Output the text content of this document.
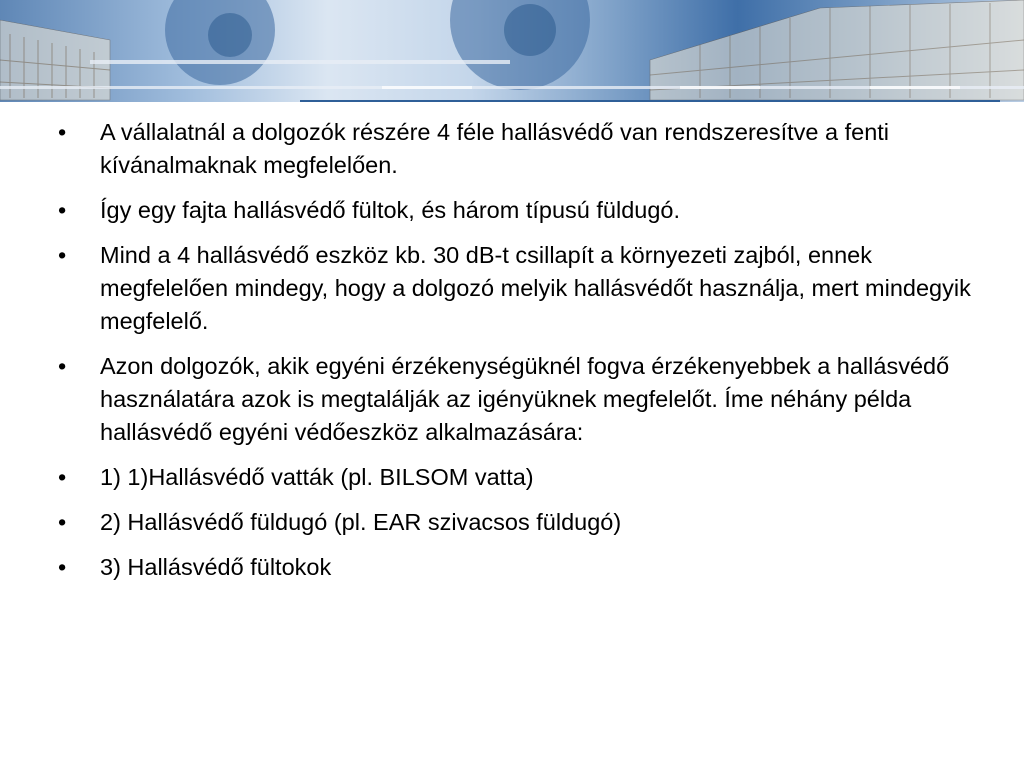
• A vállalatnál a dolgozók részére 4 féle hallásvédő van rendszeresítve a fenti kívánalmaknak megfelelően.
• Így egy fajta hallásvédő fültok, és három típusú füldugó.
• Mind a 4 hallásvédő eszköz kb. 30 dB-t csillapít a környezeti zajból, ennek megfelelően mindegy, hogy a dolgozó melyik hallásvédőt használja, mert mindegyik megfelelő.
• Azon dolgozók, akik egyéni érzékenységüknél fogva érzékenyebbek a hallásvédő használatára azok is megtalálják az igényüknek megfelelőt. Íme néhány példa hallásvédő egyéni védőeszköz alkalmazására:
• 1) 1)Hallásvédő vatták (pl. BILSOM vatta)
• 2) Hallásvédő füldugó (pl. EAR szivacsos füldugó)
• 3) Hallásvédő fültokok
